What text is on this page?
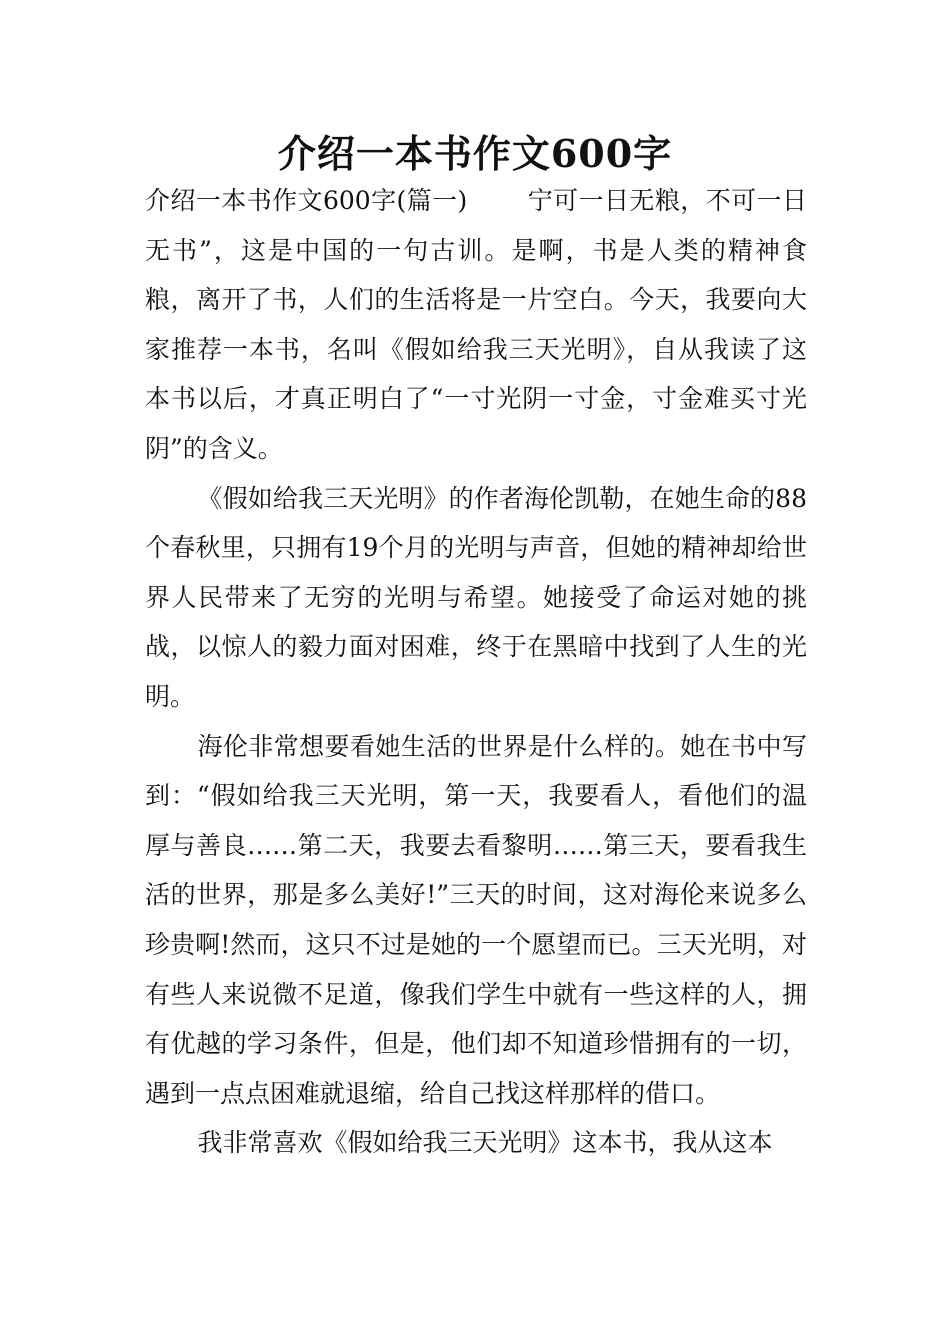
介绍一本书作文600字

介绍一本书作文600字(篇一) 宁可一日无粮，不可一日无书”，这是中国的一句古训。是啊，书是人类的精神食粮，离开了书，人们的生活将是一片空白。今天，我要向大家推荐一本书，名叫《假如给我三天光明》，自从我读了这本书以后，才真正明白了“一寸光阴一寸金，寸金难买寸光阴”的含义。

《假如给我三天光明》的作者海伦凯勒，在她生命的88个春秋里，只拥有19个月的光明与声音，但她的精神却给世界人民带来了无穷的光明与希望。她接受了命运对她的挑战，以惊人的毅力面对困难，终于在黑暗中找到了人生的光明。

海伦非常想要看她生活的世界是什么样的。她在书中写到：“假如给我三天光明，第一天，我要看人，看他们的温厚与善良……第二天，我要去看黎明……第三天，要看我生活的世界，那是多么美好!”三天的时间，这对海伦来说多么珍贵啊!然而，这只不过是她的一个愿望而已。三天光明，对有些人来说微不足道，像我们学生中就有一些这样的人，拥有优越的学习条件，但是，他们却不知道珍惜拥有的一切，遇到一点点困难就退缩，给自己找这样那样的借口。

我非常喜欢《假如给我三天光明》这本书，我从这本
